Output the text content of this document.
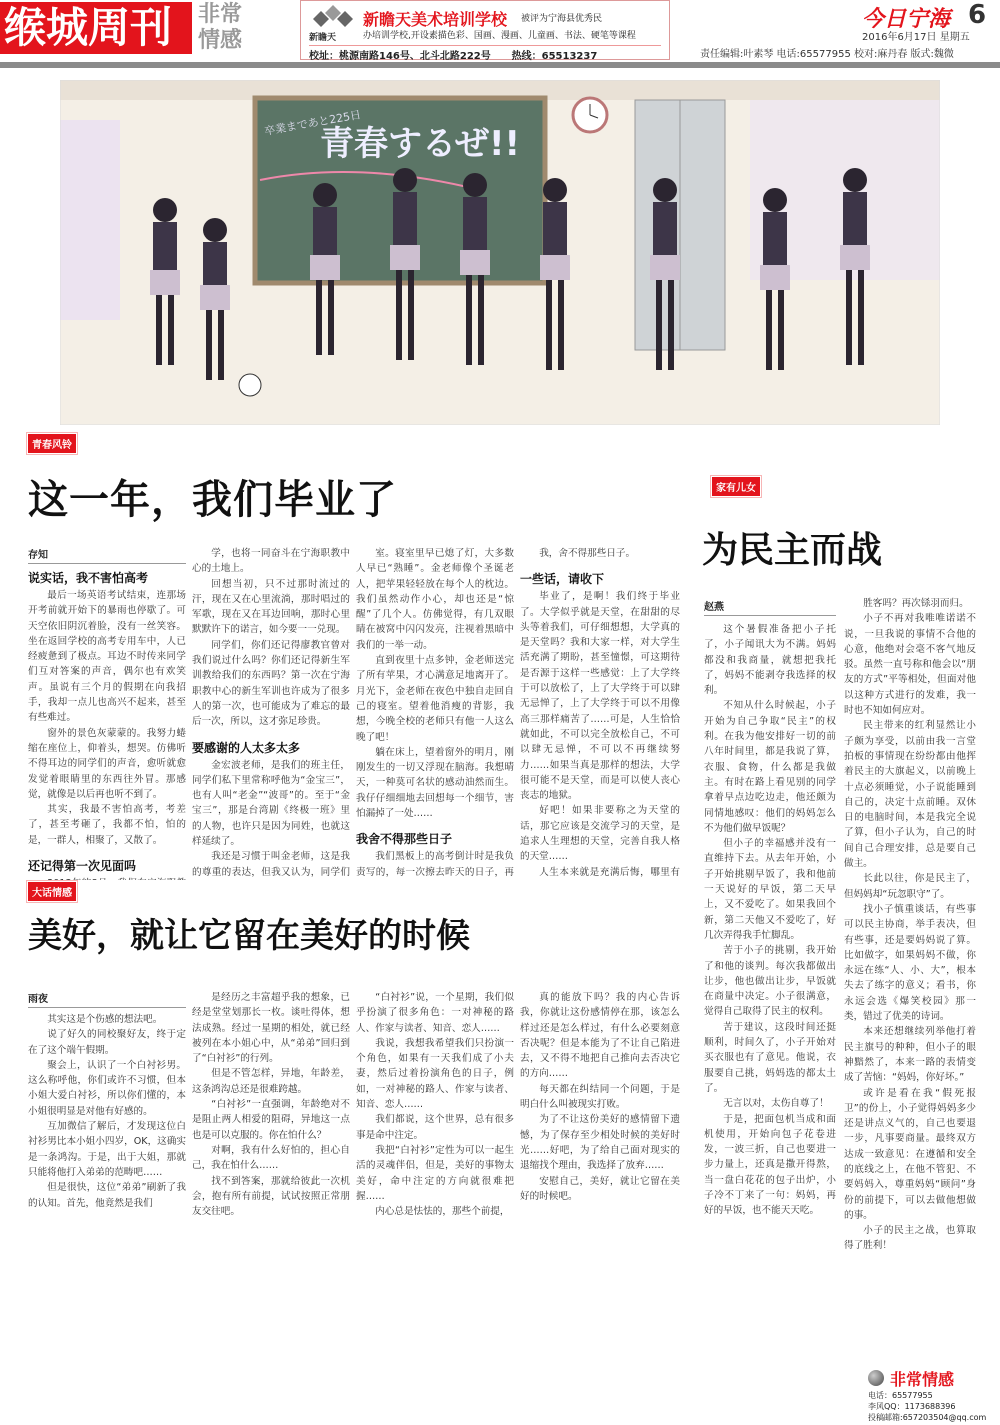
缑城周刊	非常
情感	新瞻天
新瞻天美术培训学校 被评为宁海县优秀民
办培训学校,开设素描色彩、国画、漫画、儿童画、书法、硬笔等课程
校址：桃源南路146号、北斗北路222号 热线：65513237
今日宁海 6
2016年6月17日 星期五
责任编辑:叶素琴 电话:65577955 校对:麻丹春 版式:魏微
青春するぜ!!
卒業まであと225日
青春风铃
这一年，我们毕业了
存知
说实话，我不害怕高考

最后一场英语考试结束，连那场开考前就开始下的暴雨也停歇了。可天空依旧阴沉着脸，没有一丝笑容。坐在返回学校的高考专用车中，人已经疲惫到了极点。耳边不时传来同学们互对答案的声音，偶尔也有欢笑声。虽说有三个月的假期在向我招手，我却一点儿也高兴不起来，甚至有些难过。

窗外的景色灰蒙蒙的。我努力蜷缩在座位上，仰着头，想哭。仿佛听不得耳边的同学们的声音，愈听就愈发觉着眼睛里的东西往外冒。那感觉，就像是以后再也听不到了。

其实，我最不害怕高考，考差了，甚至考砸了，我都不怕，怕的是，一群人，相聚了，又散了。

还记得第一次见面吗

学，也将一同奋斗在宁海职教中心的土地上。

回想当初，只不过那时流过的汗，现在又在心里流淌，那时唱过的军歌，现在又在耳边回响，那时心里默默许下的诺言，如今要一一兑现。

同学们，你们还记得廖教官曾对我们说过什么吗？你们还记得新生军训教给我们的东西吗？第一次在宁海职教中心的新生军训也许成为了很多人的第一次，也可能成为了难忘的最后一次，所以，这才弥足珍贵。

要感谢的人太多太多

金宏波老师，是我们的班主任，同学们私下里常称呼他为“金宝三”，也有人叫“老金”“波哥”的。至于“金宝三”，那是台湾剧《终极一班》里的人物，也许只是因为同姓，也就这样延续了。

我还是习惯于叫金老师，这是我的尊重的表达，但我又认为，同学们

室。寝室里早已熄了灯，大多数人早已“熟睡”。金老师像个圣诞老人，把苹果轻轻放在每个人的枕边。我们虽然动作小心，却也还是“惊醒”了几个人。仿佛觉得，有几双眼睛在被窝中闪闪发亮，注视着黑暗中我们的一举一动。

直到夜里十点多钟，金老师送完了所有苹果，才心满意足地离开了。月光下，金老师在夜色中独自走回自己的寝室。望着他消瘦的背影，我想，今晚全校的老师只有他一人这么晚了吧！

躺在床上，望着窗外的明月，刚刚发生的一切又浮现在脑海。我想晴天，一种莫可名状的感动油然而生。我仔仔细细地去回想每一个细节，害怕漏掉了一处……

我舍不得那些日子

我们黑板上的高考倒计时是我负责写的，每一次擦去昨天的日子，再

我，舍不得那些日子。

一些话，请收下

毕业了，是啊！我们终于毕业了。大学似乎就是天堂，在甜甜的尽头等着我们，可仔细想想，大学真的是天堂吗？我和大家一样，对大学生活充满了期盼，甚至憧憬，可这期待是否源于这样一些感觉：上了大学终于可以放松了，上了大学终于可以肆无忌惮了，上了大学终于可以不用像高三那样痛苦了……可是，人生恰恰就如此，不可以完全放松自己，不可以肆无忌惮，不可以不再继续努力……如果当真是那样的想法，大学很可能不是天堂，而是可以使人丧心丧志的地狱。

好吧！如果非要称之为天堂的话，那它应该是交流学习的天堂，是追求人生理想的天堂，完善自我人格的天堂……

人生本来就是充满后悔，哪里有

家有儿女
为民主而战
赵燕

这个暑假准备把小子托了，小子闻讯大为不满。妈妈都没和我商量，就想把我托了，妈妈不能剥夺我选择的权利。

不知从什么时候起，小子开始为自己争取“民主”的权利。在我为他安排好一切的前八年时间里，都是我说了算，衣服、食物，什么都是我做主。有时在路上看见别的同学拿着早点边吃边走，他还颇为同情地感叹：他们的妈妈怎么不为他们做早饭呢？

但小子的幸福感并没有一直维持下去。从去年开始，小子开始挑剔早饭了，我和他前一天说好的早饭，第二天早上，又不爱吃了。如果我回个新，第二天他又不爱吃了，好几次弄得我手忙脚乱。

苦于小子的挑剔，我开始了和他的谈判。每次我都做出让步，他也做出让步，早饭就在商量中决定。小子很满意，觉得自己取得了民主的权利。

苦于建议，这段时间还挺顺利，时间久了，小子开始对买衣服也有了意见。他说，衣服要自己挑，妈妈选的都太土了。

无言以对，太伤自尊了！

于是，把面包机当成和面机使用，开始向包子花卷进发，一波三折，自己也要进一步力量上，还真是撒开得熬，当一盘白花花的包子出炉，小子冷不丁来了一句：妈妈，再好的早饭，也不能天天吃。

胜客吗？再次铩羽而归。

小子不再对我唯唯诺诺不说，一旦我说的事情不合他的心意，他绝对会毫不客气地反驳。虽然一直号称和他会以“朋友的方式”平等相处，但面对他以这种方式进行的发难，我一时也不知如何应对。

民主带来的红利显然让小子颇为享受，以前由我一言堂拍板的事情现在纷纷都由他挥着民主的大旗起义，以前晚上十点必须睡觉，小子说能睡到自己的，决定十点前睡。双休日的电脑时间，本是我完全说了算，但小子认为，自己的时间自己合理安排，总是要自己做主。

长此以往，你是民主了，但妈妈却“玩忽职守”了。

找小子慎重谈话，有些事可以民主协商，举手表决，但有些事，还是要妈妈说了算。比如做字，如果妈妈不做，你永远在练“人、小、大”，根本失去了练字的意义；看书，你永远会选《爆笑校园》那一类，错过了优美的诗词。

本来还想继续列举他打着民主旗号的种种，但小子的眼神黯然了，本来一路的表情变成了苦恼：“妈妈，你好坏。”

或许是看在我“假死报卫”的份上，小子觉得妈妈多少还是讲点义气的，自己也要退一步，凡事要商量。最终双方达成一致意见：在遵循和安全的底线之上，在他不管犯、不要妈妈入，尊重妈妈“顾问”身份的前提下，可以去做他想做的事。

小子的民主之战，也算取得了胜利！

大话情感
美好，就让它留在美好的时候
雨夜

其实这是个伤感的想法吧。

说了好久的同校聚好友，终于定在了这个端午假期。

聚会上，认识了一个白衬衫男。这么称呼他，你们或许不习惯，但本小姐大爱白衬衫，所以你们懂的，本小姐很明显是对他有好感的。

互加微信了解后，才发现这位白衬衫男比本小姐小四岁，OK，这确实是一条鸿沟。于是，出于大姐，那就只能将他打入弟弟的范畴吧……

但是很快，这位“弟弟”刷新了我的认知。首先，他竟然是我们

是经历之丰富超乎我的想象，已经是堂堂划那长一枚。谈吐得体，想法成熟。经过一星期的相处，就已经被列在本小姐心中，从“弟弟”回归到了“白衬衫”的行列。

但是不管怎样，异地，年龄差，这条鸿沟总还是很难跨越。

“白衬衫”一直强调，年龄绝对不是阻止两人相爱的阻碍，异地这一点也是可以克服的。你在怕什么？

对啊，我有什么好怕的，担心自己，我在怕什么……

找不到答案，那就给彼此一次机会，抱有所有前提，试试按照正常朋友交往吧。

“白衬衫”说，一个星期，我们似乎扮演了很多角色：一对神秘的路人、作家与读者、知音、恋人……

我说，我想我希望我们只扮演一个角色，如果有一天我们成了小夫妻，然后过着扮演角色的日子，例如，一对神秘的路人、作家与读者、知音、恋人……

我们都说，这个世界，总有很多事是命中注定。

我把“白衬衫”定性为可以一起生活的灵魂伴侣，但是，美好的事物太美好，命中注定的方向就很难把握……

内心总是怯怯的，那些个前提，

真的能放下吗？我的内心告诉我，你就让这份感情停在那，该怎么样过还是怎么样过，有什么必要刻意否决呢？但是本能为了不让自己陷进去，又不得不地把自己推向去否决它的方向……

每天都在纠结同一个问题，于是明白什么叫被现实打败。

为了不让这份美好的感情留下遗憾，为了保存至少相处时候的美好时光……好吧，为了给自己面对现实的退缩找个理由，我选择了放弃……

安慰自己，美好，就让它留在美好的时候吧。

非常情感
电话：65577955
李风QQ：1173688396
投稿邮箱:657203504@qq.com
